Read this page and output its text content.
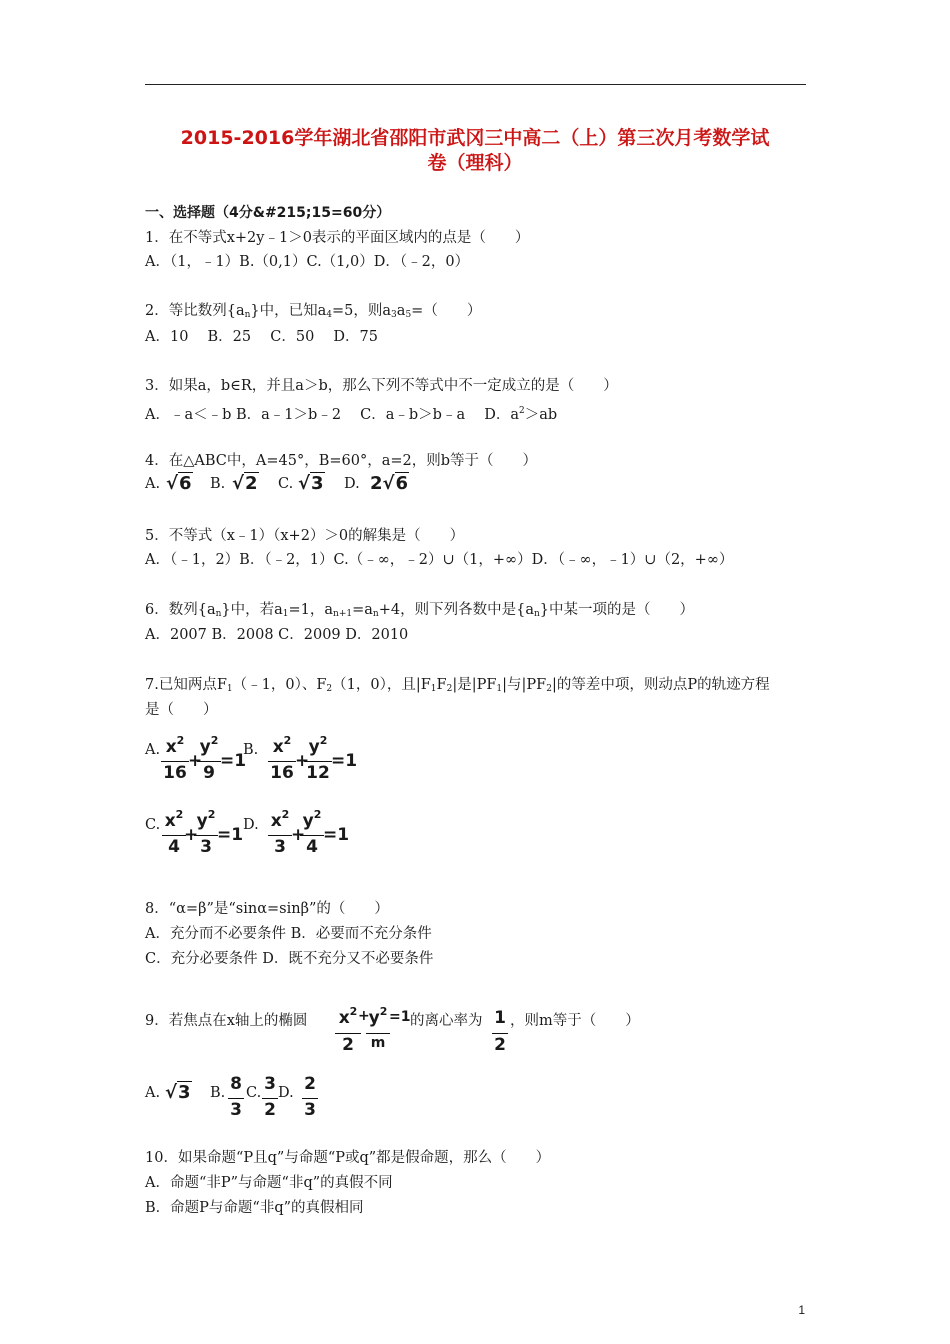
2015-2016学年湖北省邵阳市武冈三中高二（上）第三次月考数学试
卷（理科）
一、选择题（4分&#215;15=60分）
1．在不等式x+2y﹣1＞0表示的平面区域内的点是（　　）
A．（1，﹣1）B.（0,1）C.（1,0）D．（﹣2，0）
2．等比数列$\{a_n\}$中，已知$a_4=5$，则$a_3a_5=$（　　）
A．10　 B．25　 C．50　 D．75
3．如果a，b∈R，并且a＞b，那么下列不等式中不一定成立的是（　　）
A．﹣a＜﹣b B．a﹣1＞b﹣2　 C．a﹣b＞b﹣a　 D．$a^2>ab$
4．在△ABC中，A=45°，B=60°，a=2，则b等于（　　）
A. √6 B. √2 C. √3 D. 2√6
5．不等式（x﹣1）（x+2）＞0的解集是（　　）
A．（﹣1，2）B．（﹣2，1）C.（﹣∞，﹣2）∪（1，+∞）D．（﹣∞，﹣1）∪（2，+∞）
6．数列$\{a_n\}$中，若$a_1=1$，$a_{n+1}=a_n+4$，则下列各数中是$\{a_n\}$中某一项的是（　　）
A．2007 B．2008 C．2009 D．2010
7.已知两点$F_1(﹣1$，0）、$F_2(1$，0），且$|F_1F_2|$是$|PF_1|$与$|PF_2|$的等差中项，则动点P的轨迹方程
是（　　）
A. $x^2$
16
+
$y^2$
9
=1
B. $x^2$
16
+
$y^2$
12
=1
C. $x^2$
4
+
$y^2$
3
=1 D. $x^2$
3
+
$y^2$
4
=1
8．“α=β”是“sinα=sinβ”的（　　）
A．充分而不必要条件 B．必要而不充分条件
C．充分必要条件 D．既不充分又不必要条件
9．若焦点在x轴上的椭圆 $x^2$
2
+
$y^2$
m
=1 的离心率为 1
2
，则m等于（　　）
A. √3 B. 8
3
C. 3
2
D. 2
3
10．如果命题“P且q”与命题“P或q”都是假命题，那么（　　）
A．命题“非P”与命题“非q”的真假不同
B．命题P与命题“非q”的真假相同
1
